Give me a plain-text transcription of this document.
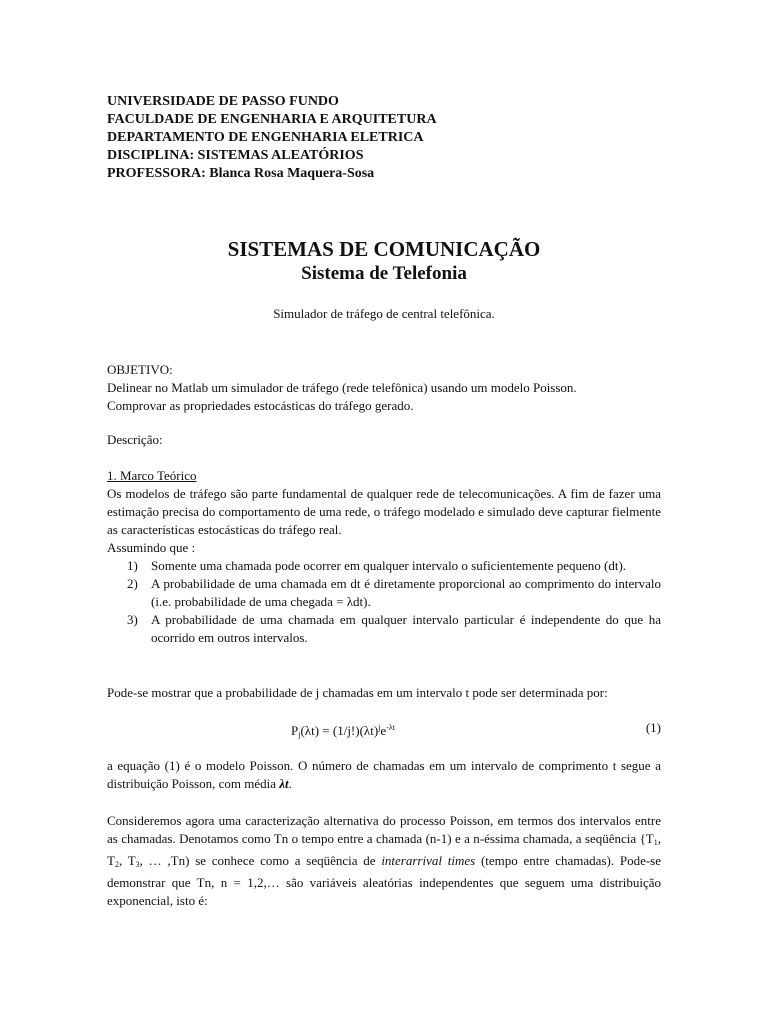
UNIVERSIDADE DE PASSO FUNDO
FACULDADE DE ENGENHARIA E ARQUITETURA
DEPARTAMENTO DE ENGENHARIA ELETRICA
DISCIPLINA: SISTEMAS ALEATÓRIOS
PROFESSORA: Blanca Rosa Maquera-Sosa
SISTEMAS DE COMUNICAÇÃO
Sistema de Telefonia
Simulador de tráfego de central telefônica.
OBJETIVO:
Delinear no Matlab um simulador de tráfego (rede telefônica) usando um modelo Poisson.
Comprovar as propriedades estocásticas do tráfego gerado.
Descrição:
1. Marco Teórico
Os modelos de tráfego são parte fundamental de qualquer rede de telecomunicações. A fim de fazer uma estimação precisa do comportamento de uma rede, o tráfego modelado e simulado deve capturar fielmente as características estocásticas do tráfego real.
Assumindo que :
1) Somente uma chamada pode ocorrer em qualquer intervalo o suficientemente pequeno (dt).
2) A probabilidade de uma chamada em dt é diretamente proporcional ao comprimento do intervalo (i.e. probabilidade de uma chegada = λdt).
3) A probabilidade de uma chamada em qualquer intervalo particular é independente do que ha ocorrido em outros intervalos.
Pode-se mostrar que a probabilidade de j chamadas em um intervalo t pode ser determinada por:
$P_j(\lambda t) = (1/j!)(\lambda t)^je^{-\lambda t}$	(1)
a equação (1) é o modelo Poisson. O número de chamadas em um intervalo de comprimento t segue a distribuição Poisson, com média λt.
Consideremos agora uma caracterização alternativa do processo Poisson, em termos dos intervalos entre as chamadas. Denotamos como Tn o tempo entre a chamada (n-1) e a n-éssima chamada, a seqüência {$T_1$, $T_2$, $T_3$, … ,Tn) se conhece como a seqüência de interarrival times (tempo entre chamadas). Pode-se demonstrar que Tn, n = 1,2,… são variáveis aleatórias independentes que seguem uma distribuição exponencial, isto é:
